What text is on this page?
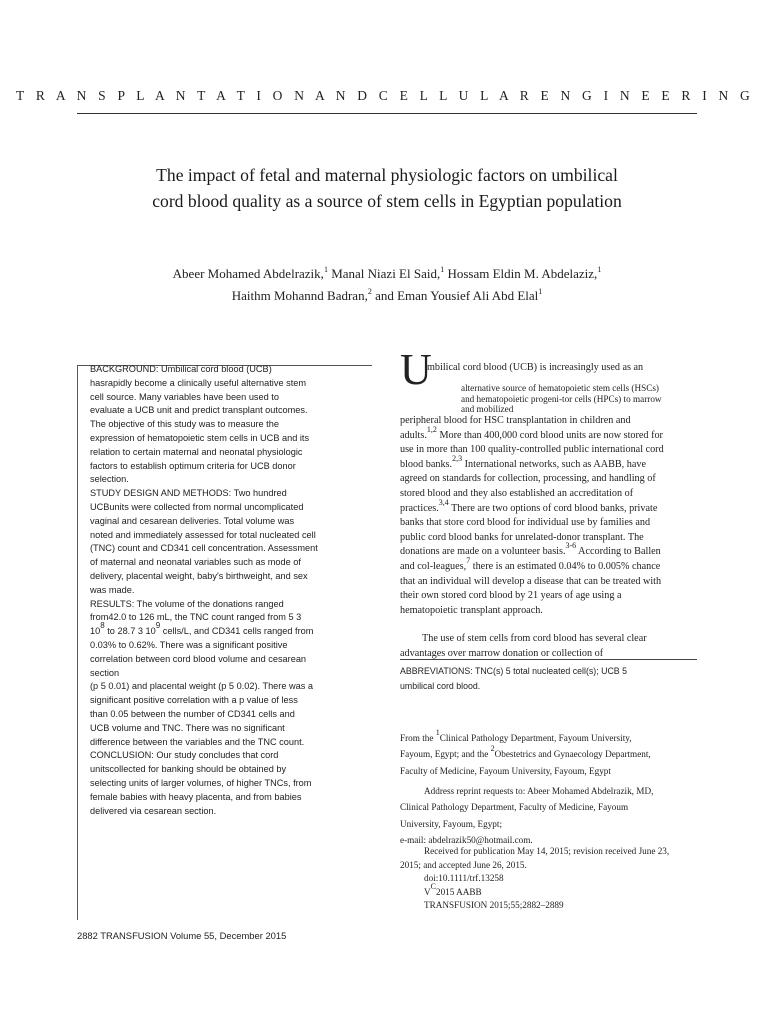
T R A N S P L A N T A T I O N A N D C E L L U L A R E N G I N E E R I N G
The impact of fetal and maternal physiologic factors on umbilical
cord blood quality as a source of stem cells in Egyptian population
Abeer Mohamed Abdelrazik,$^1$ Manal Niazi El Said,$^1$ Hossam Eldin M. Abdelaziz,$^1$
Haithm Mohannd Badran,$^2$ and Eman Yousief Ali Abd Elal$^1$
BACKGROUND: Umbilical cord blood (UCB)
hasrapidly become a clinically useful alternative stem
cell source. Many variables have been used to
evaluate a UCB unit and predict transplant outcomes.
The objective of this study was to measure the
expression of hematopoietic stem cells in UCB and its
relation to certain maternal and neonatal physiologic
factors to establish optimum criteria for UCB donor
selection.
STUDY DESIGN AND METHODS: Two hundred
UCBunits were collected from normal uncomplicated
vaginal and cesarean deliveries. Total volume was
noted and immediately assessed for total nucleated cell
(TNC) count and CD341 cell concentration. Assessment
of maternal and neonatal variables such as mode of
delivery, placental weight, baby's birthweight, and sex
was made.
RESULTS: The volume of the donations ranged
from42.0 to 126 mL, the TNC count ranged from 5 3
$10^8$ to 28.7 3 $10^9$ cells/L, and CD341 cells ranged from
0.03% to 0.62%. There was a significant positive
correlation between cord blood volume and cesarean
section
(p 5 0.01) and placental weight (p 5 0.02). There was a
significant positive correlation with a p value of less
than 0.05 between the number of CD341 cells and
UCB volume and TNC. There was no significant
difference between the variables and the TNC count.
CONCLUSION: Our study concludes that cord
unitscollected for banking should be obtained by
selecting units of larger volumes, of higher TNCs, from
female babies with heavy placenta, and from babies
delivered via cesarean section.
U
mbilical cord blood (UCB) is increasingly used as an
alternative source of hematopoietic stem cells (HSCs)
and hematopoietic progeni-tor cells (HPCs) to marrow
and mobilized
peripheral blood for HSC transplantation in children and
adults.$^{1,2}$ More than 400,000 cord blood units are now stored for
use in more than 100 quality-controlled public international cord
blood banks.$^{2,3}$ International networks, such as AABB, have
agreed on standards for collection, processing, and handling of
stored blood and they also established an accreditation of
practices.$^{3,4}$ There are two options of cord blood banks, private
banks that store cord blood for individual use by families and
public cord blood banks for unrelated-donor transplant. The
donations are made on a volunteer basis.$^{3-6}$ According to Ballen
and col-leagues,$^7$ there is an estimated 0.04% to 0.005% chance
that an individual will develop a disease that can be treated with
their own stored cord blood by 21 years of age using a
hematopoietic transplant approach.
The use of stem cells from cord blood has several clear
advantages over marrow donation or collection of
ABBREVIATIONS: TNC(s) 5 total nucleated cell(s); UCB 5
umbilical cord blood.
From the $^1$Clinical Pathology Department, Fayoum University,
Fayoum, Egypt; and the $^2$Obestetrics and Gynaecology Department,
Faculty of Medicine, Fayoum University, Fayoum, Egypt
Address reprint requests to: Abeer Mohamed Abdelrazik, MD,
Clinical Pathology Department, Faculty of Medicine, Fayoum
University, Fayoum, Egypt;
e-mail: abdelrazik50@hotmail.com.
Received for publication May 14, 2015; revision received June 23,
2015; and accepted June 26, 2015.
doi:10.1111/trf.13258
$V^C2015$ AABB
TRANSFUSION 2015;55;2882–2889
2882 TRANSFUSION Volume 55, December 2015
